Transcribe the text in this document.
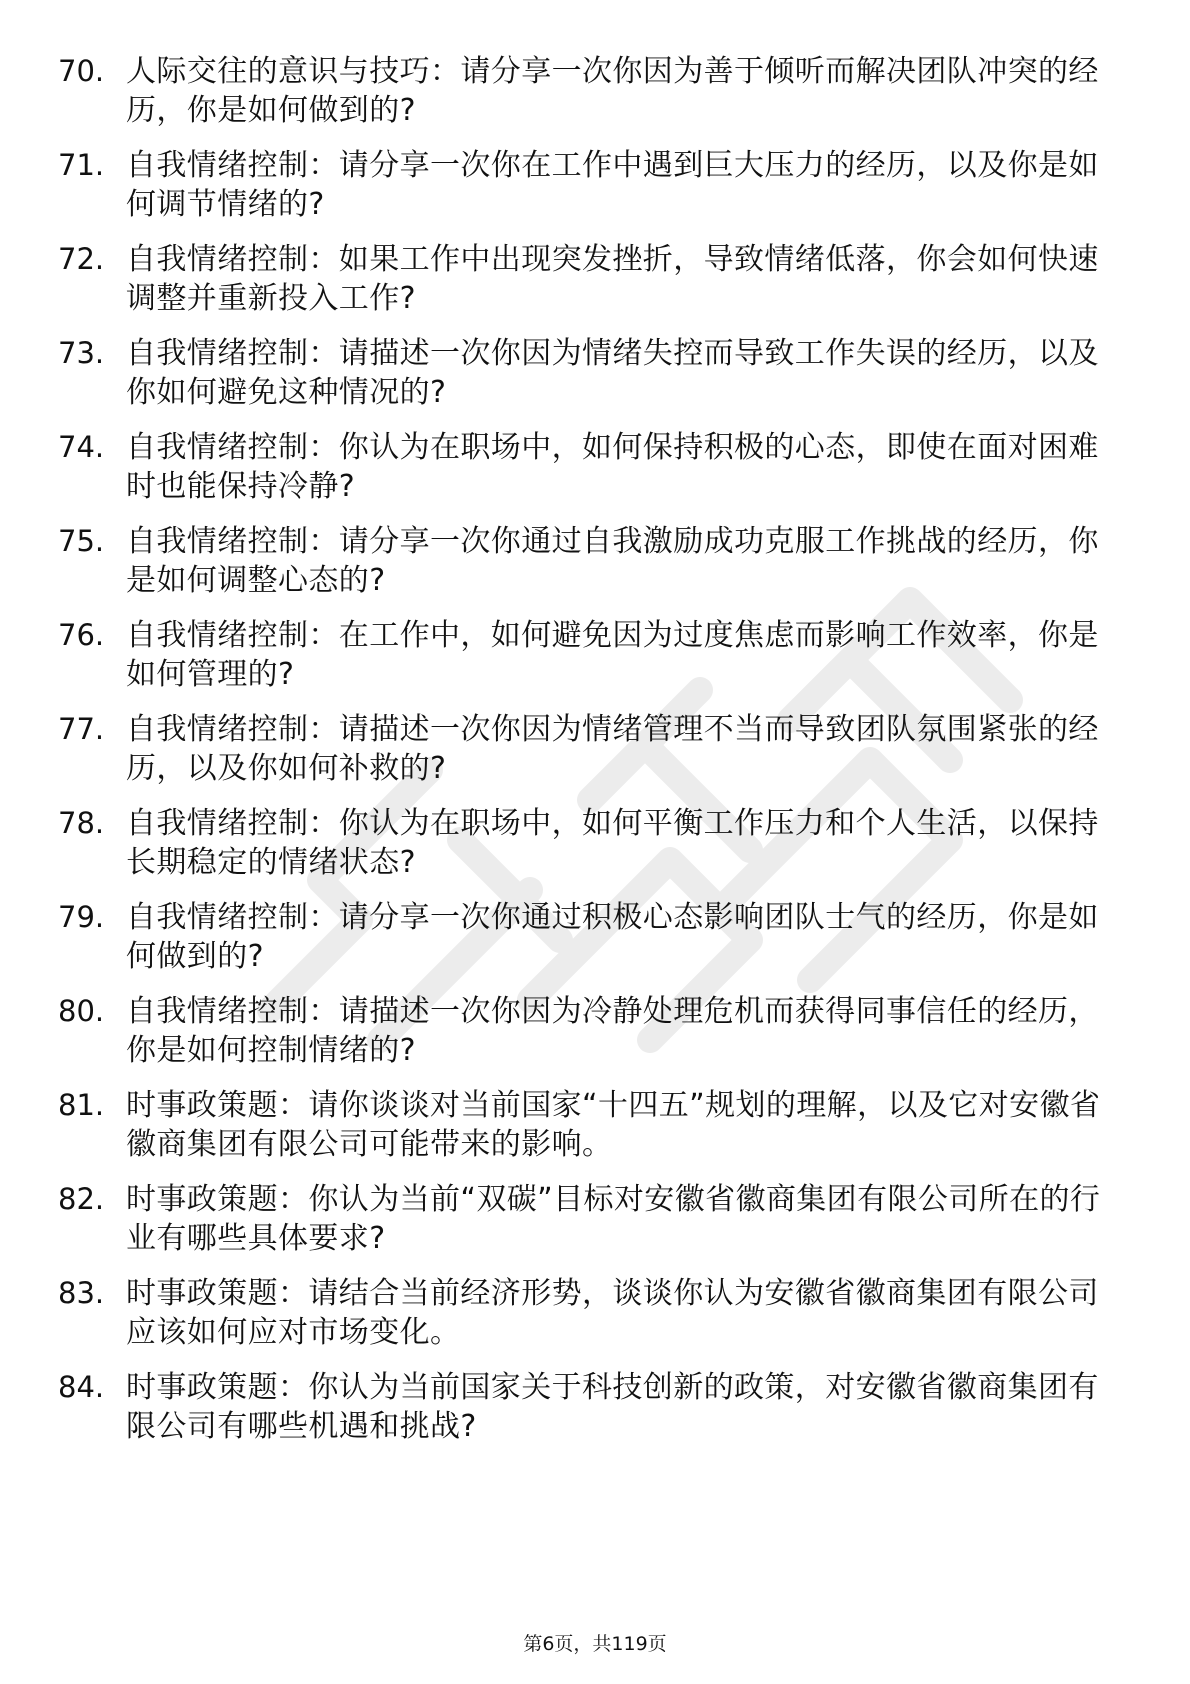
70. 人际交往的意识与技巧：请分享一次你因为善于倾听而解决团队冲突的经历，你是如何做到的?
71. 自我情绪控制：请分享一次你在工作中遇到巨大压力的经历，以及你是如何调节情绪的?
72. 自我情绪控制：如果工作中出现突发挫折，导致情绪低落，你会如何快速调整并重新投入工作?
73. 自我情绪控制：请描述一次你因为情绪失控而导致工作失误的经历，以及你如何避免这种情况的?
74. 自我情绪控制：你认为在职场中，如何保持积极的心态，即使在面对困难时也能保持冷静?
75. 自我情绪控制：请分享一次你通过自我激励成功克服工作挑战的经历，你是如何调整心态的?
76. 自我情绪控制：在工作中，如何避免因为过度焦虑而影响工作效率，你是如何管理的?
77. 自我情绪控制：请描述一次你因为情绪管理不当而导致团队氛围紧张的经历，以及你如何补救的?
78. 自我情绪控制：你认为在职场中，如何平衡工作压力和个人生活，以保持长期稳定的情绪状态?
79. 自我情绪控制：请分享一次你通过积极心态影响团队士气的经历，你是如何做到的?
80. 自我情绪控制：请描述一次你因为冷静处理危机而获得同事信任的经历，你是如何控制情绪的?
81. 时事政策题：请你谈谈对当前国家“十四五”规划的理解，以及它对安徽省徽商集团有限公司可能带来的影响。
82. 时事政策题：你认为当前“双碳”目标对安徽省徽商集团有限公司所在的行业有哪些具体要求?
83. 时事政策题：请结合当前经济形势，谈谈你认为安徽省徽商集团有限公司应该如何应对市场变化。
84. 时事政策题：你认为当前国家关于科技创新的政策，对安徽省徽商集团有限公司有哪些机遇和挑战?
第6页，共119页
